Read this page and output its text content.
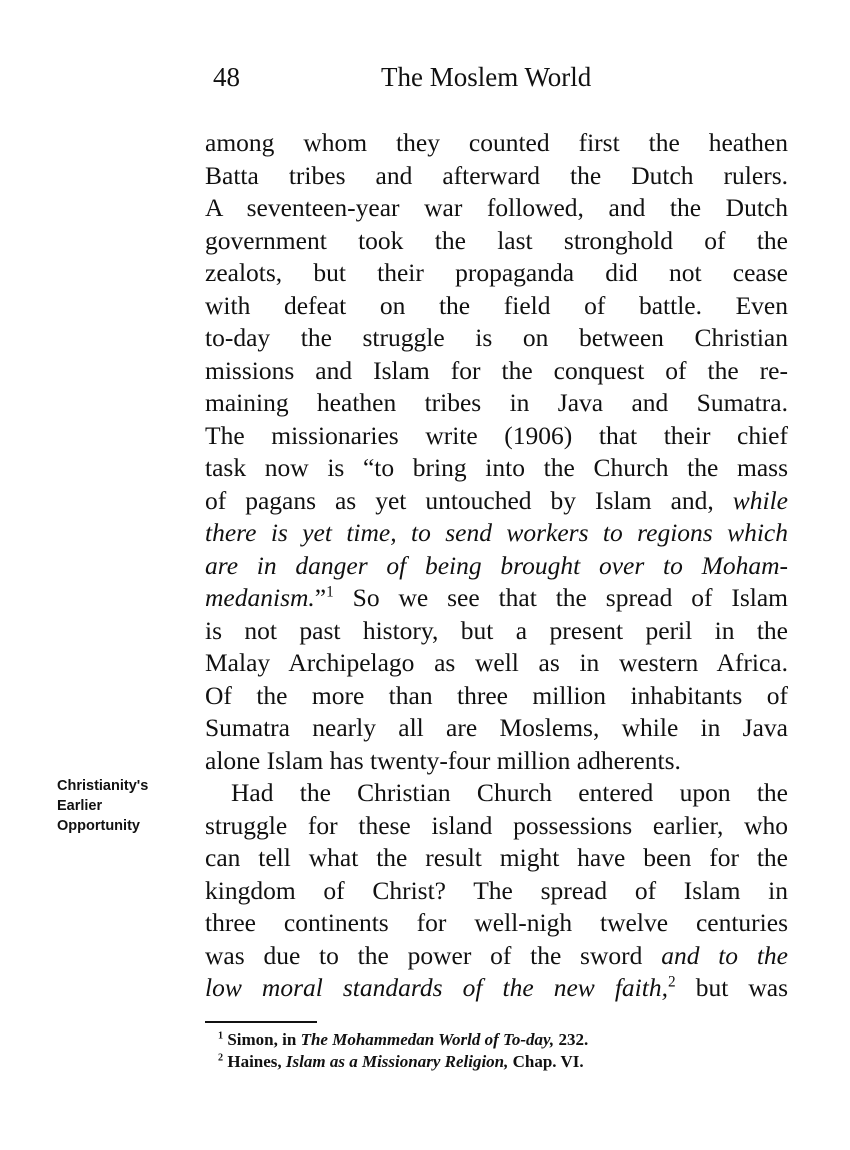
48	The Moslem World
Christianity's
Earlier
Opportunity
among whom they counted first the heathen
Batta tribes and afterward the Dutch rulers.
A seventeen-year war followed, and the Dutch
government took the last stronghold of the
zealots, but their propaganda did not cease
with defeat on the field of battle. Even
to-day the struggle is on between Christian
missions and Islam for the conquest of the re-
maining heathen tribes in Java and Sumatra.
The missionaries write (1906) that their chief
task now is “to bring into the Church the mass
of pagans as yet untouched by Islam and, while
there is yet time, to send workers to regions which
are in danger of being brought over to Moham-
medanism.”$^1$ So we see that the spread of Islam
is not past history, but a present peril in the
Malay Archipelago as well as in western Africa.
Of the more than three million inhabitants of
Sumatra nearly all are Moslems, while in Java
alone Islam has twenty-four million adherents.
Had the Christian Church entered upon the
struggle for these island possessions earlier, who
can tell what the result might have been for the
kingdom of Christ? The spread of Islam in
three continents for well-nigh twelve centuries
was due to the power of the sword and to the
low moral standards of the new faith,$^2$ but was
$^1$ Simon, in The Mohammedan World of To-day, 232.
$^2$ Haines, Islam as a Missionary Religion, Chap. VI.
